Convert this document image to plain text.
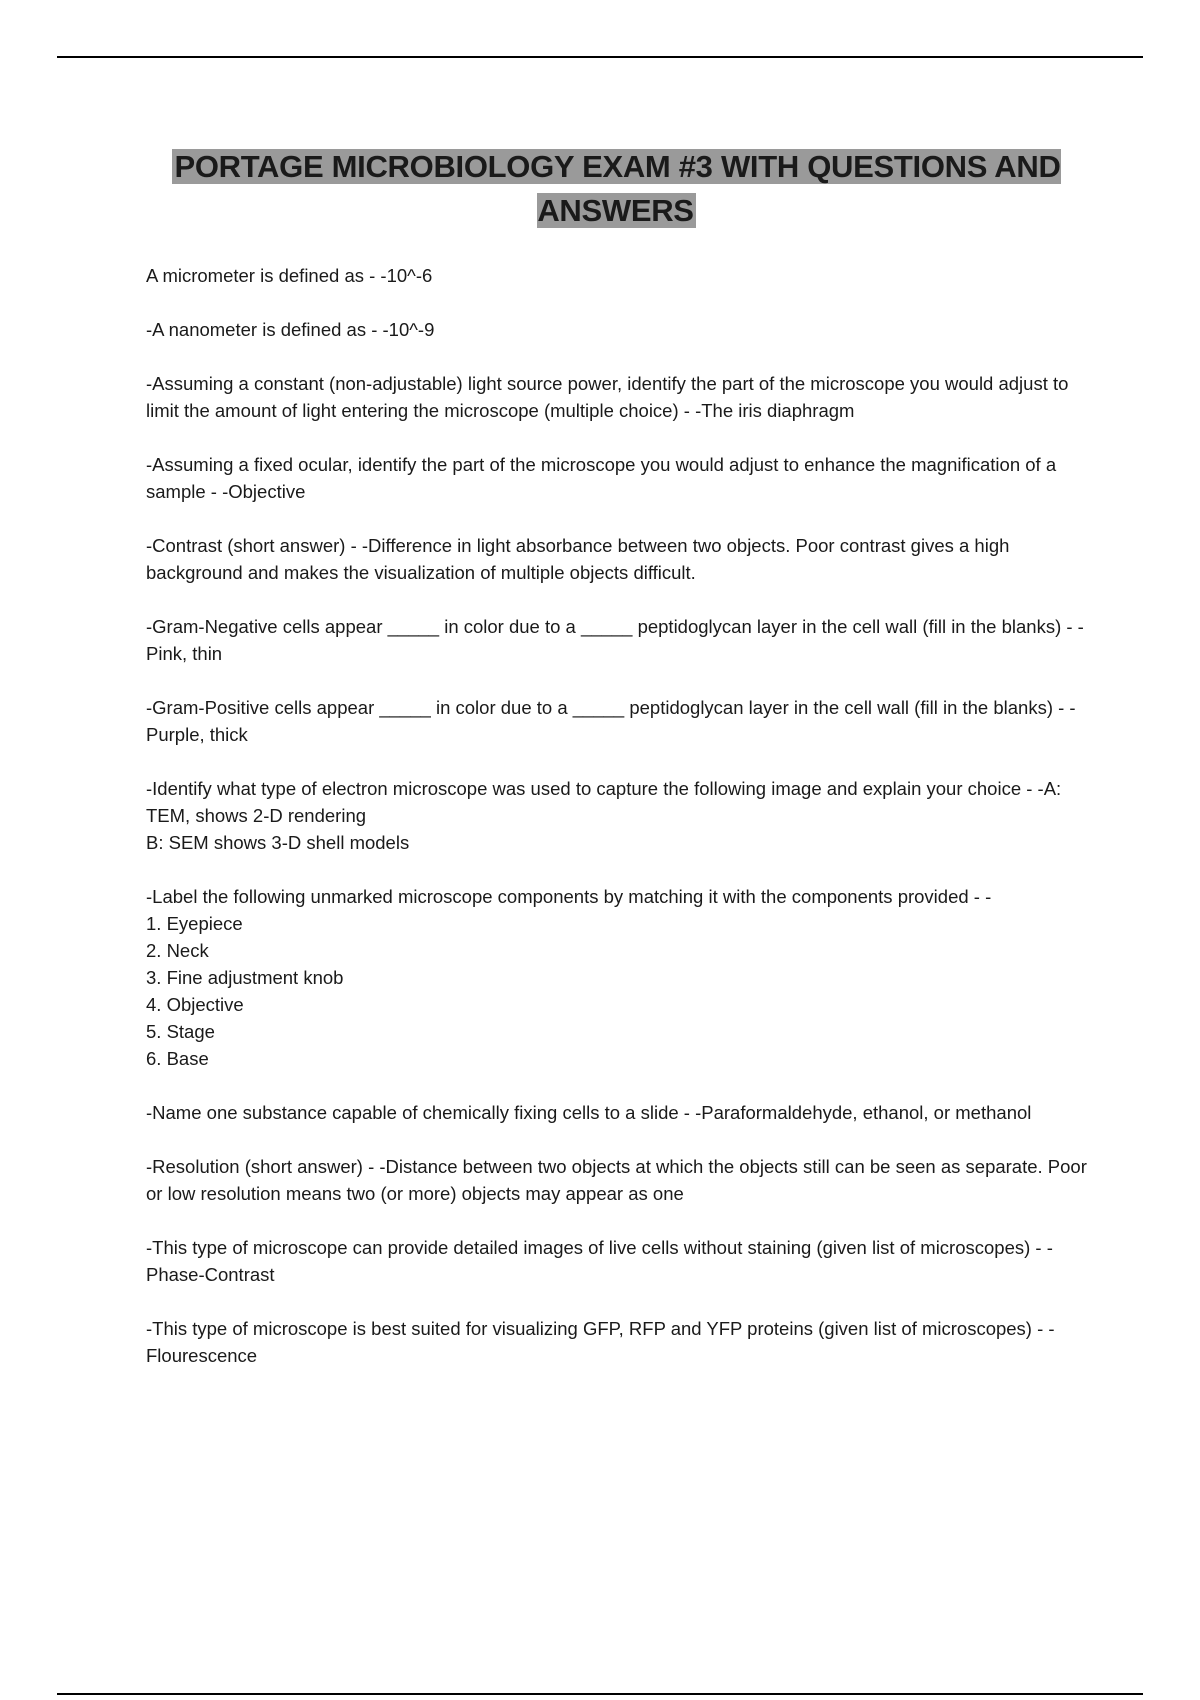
PORTAGE MICROBIOLOGY EXAM #3 WITH QUESTIONS AND ANSWERS

A micrometer is defined as - -10^-6

-A nanometer is defined as - -10^-9

-Assuming a constant (non-adjustable) light source power, identify the part of the microscope you would adjust to limit the amount of light entering the microscope (multiple choice) - -The iris diaphragm

-Assuming a fixed ocular, identify the part of the microscope you would adjust to enhance the magnification of a sample - -Objective

-Contrast (short answer) - -Difference in light absorbance between two objects. Poor contrast gives a high background and makes the visualization of multiple objects difficult.

-Gram-Negative cells appear _____ in color due to a _____ peptidoglycan layer in the cell wall (fill in the blanks) - -Pink, thin

-Gram-Positive cells appear _____ in color due to a _____ peptidoglycan layer in the cell wall (fill in the blanks) - -Purple, thick

-Identify what type of electron microscope was used to capture the following image and explain your choice - -A: TEM, shows 2-D rendering
B: SEM shows 3-D shell models

-Label the following unmarked microscope components by matching it with the components provided - -
1. Eyepiece
2. Neck
3. Fine adjustment knob
4. Objective
5. Stage
6. Base

-Name one substance capable of chemically fixing cells to a slide - -Paraformaldehyde, ethanol, or methanol

-Resolution (short answer) - -Distance between two objects at which the objects still can be seen as separate. Poor or low resolution means two (or more) objects may appear as one

-This type of microscope can provide detailed images of live cells without staining (given list of microscopes) - -Phase-Contrast

-This type of microscope is best suited for visualizing GFP, RFP and YFP proteins (given list of microscopes) - -Flourescence
